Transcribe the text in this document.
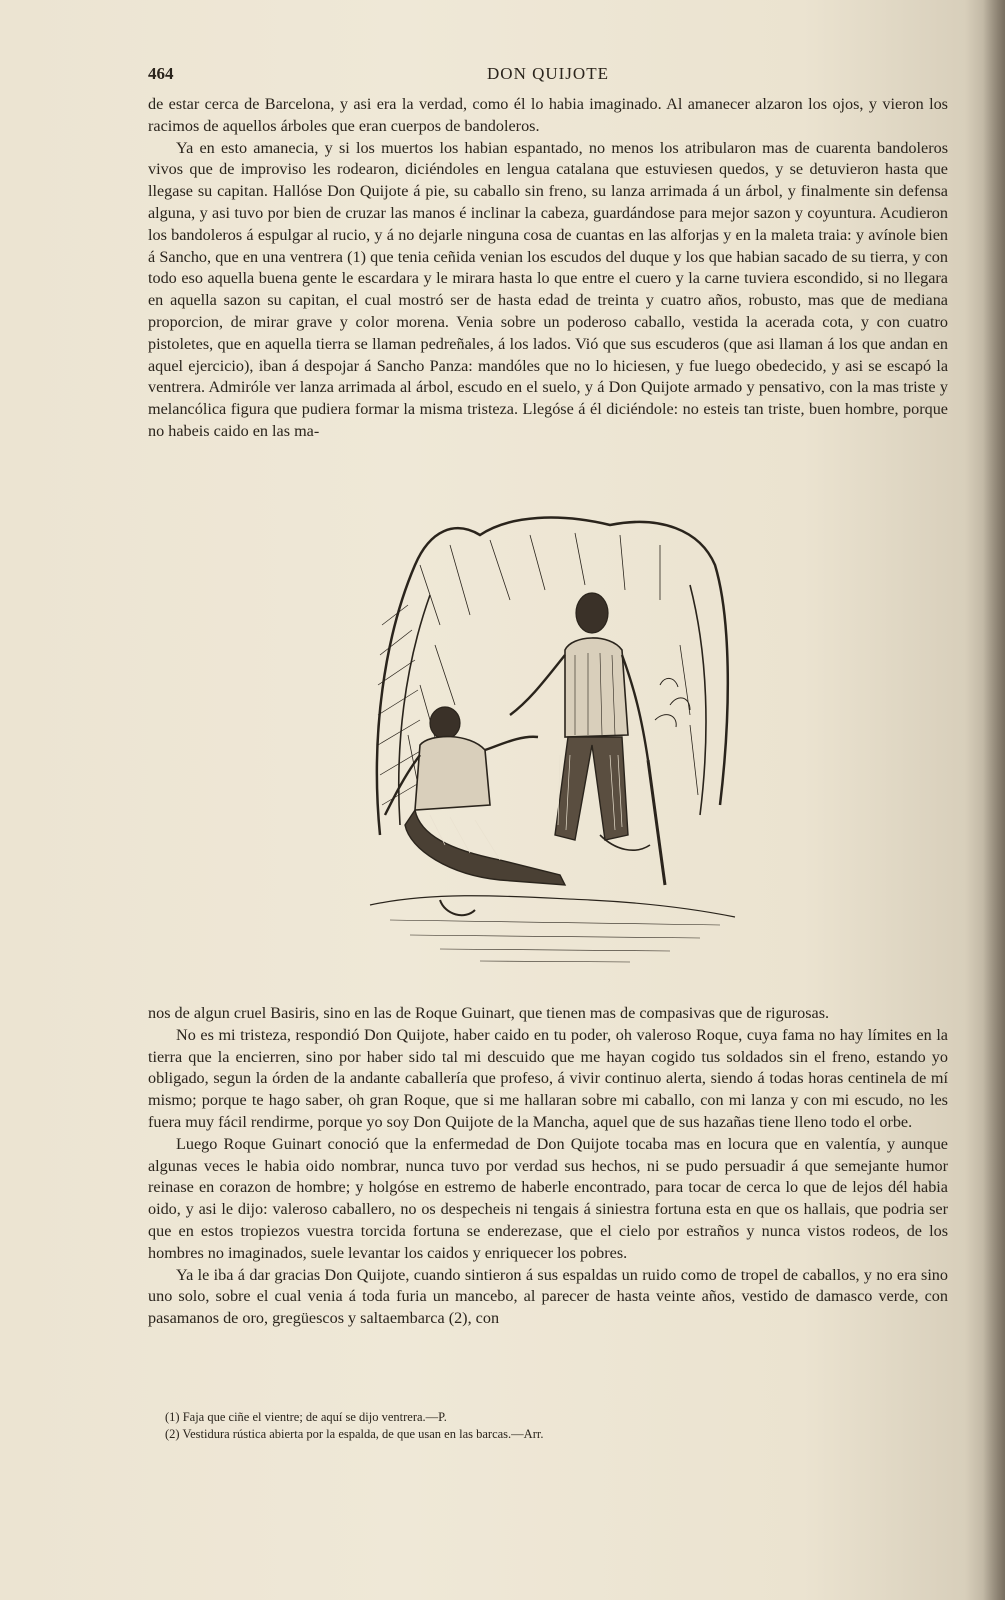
464	DON QUIJOTE

de estar cerca de Barcelona, y asi era la verdad, como él lo habia imaginado. Al amanecer alzaron los ojos, y vieron los racimos de aquellos árboles que eran cuerpos de bandoleros.

Ya en esto amanecia, y si los muertos los habian espantado, no menos los atribularon mas de cuarenta bandoleros vivos que de improviso les rodearon, diciéndoles en lengua catalana que estuviesen quedos, y se detuvieron hasta que llegase su capitan. Hallóse Don Quijote á pie, su caballo sin freno, su lanza arrimada á un árbol, y finalmente sin defensa alguna, y asi tuvo por bien de cruzar las manos é inclinar la cabeza, guardándose para mejor sazon y coyuntura. Acudieron los bandoleros á espulgar al rucio, y á no dejarle ninguna cosa de cuantas en las alforjas y en la maleta traia: y avínole bien á Sancho, que en una ventrera (1) que tenia ceñida venian los escudos del duque y los que habian sacado de su tierra, y con todo eso aquella buena gente le escardara y le mirara hasta lo que entre el cuero y la carne tuviera escondido, si no llegara en aquella sazon su capitan, el cual mostró ser de hasta edad de treinta y cuatro años, robusto, mas que de mediana proporcion, de mirar grave y color morena. Venia sobre un poderoso caballo, vestida la acerada cota, y con cuatro pistoletes, que en aquella tierra se llaman pedreñales, á los lados. Vió que sus escuderos (que asi llaman á los que andan en aquel ejercicio), iban á despojar á Sancho Panza: mandóles que no lo hiciesen, y fue luego obedecido, y asi se escapó la ventrera. Admiróle ver lanza arrimada al árbol, escudo en el suelo, y á Don Quijote armado y pensativo, con la mas triste y melancólica figura que pudiera formar la misma tristeza. Llegóse á él diciéndole: no esteis tan triste, buen hombre, porque no habeis caido en las ma-

nos de algun cruel Basiris, sino en las de Roque Guinart, que tienen mas de compasivas que de rigurosas.

No es mi tristeza, respondió Don Quijote, haber caido en tu poder, oh valeroso Roque, cuya fama no hay límites en la tierra que la encierren, sino por haber sido tal mi descuido que me hayan cogido tus soldados sin el freno, estando yo obligado, segun la órden de la andante caballería que profeso, á vivir continuo alerta, siendo á todas horas centinela de mí mismo; porque te hago saber, oh gran Roque, que si me hallaran sobre mi caballo, con mi lanza y con mi escudo, no les fuera muy fácil rendirme, porque yo soy Don Quijote de la Mancha, aquel que de sus hazañas tiene lleno todo el orbe.

Luego Roque Guinart conoció que la enfermedad de Don Quijote tocaba mas en locura que en valentía, y aunque algunas veces le habia oido nombrar, nunca tuvo por verdad sus hechos, ni se pudo persuadir á que semejante humor reinase en corazon de hombre; y holgóse en estremo de haberle encontrado, para tocar de cerca lo que de lejos dél habia oido, y asi le dijo: valeroso caballero, no os despecheis ni tengais á siniestra fortuna esta en que os hallais, que podria ser que en estos tropiezos vuestra torcida fortuna se enderezase, que el cielo por estraños y nunca vistos rodeos, de los hombres no imaginados, suele levantar los caidos y enriquecer los pobres.

Ya le iba á dar gracias Don Quijote, cuando sintieron á sus espaldas un ruido como de tropel de caballos, y no era sino uno solo, sobre el cual venia á toda furia un mancebo, al parecer de hasta veinte años, vestido de damasco verde, con pasamanos de oro, gregüescos y saltaembarca (2), con

(1) Faja que ciñe el vientre; de aquí se dijo ventrera.—P.

(2) Vestidura rústica abierta por la espalda, de que usan en las barcas.—Arr.
